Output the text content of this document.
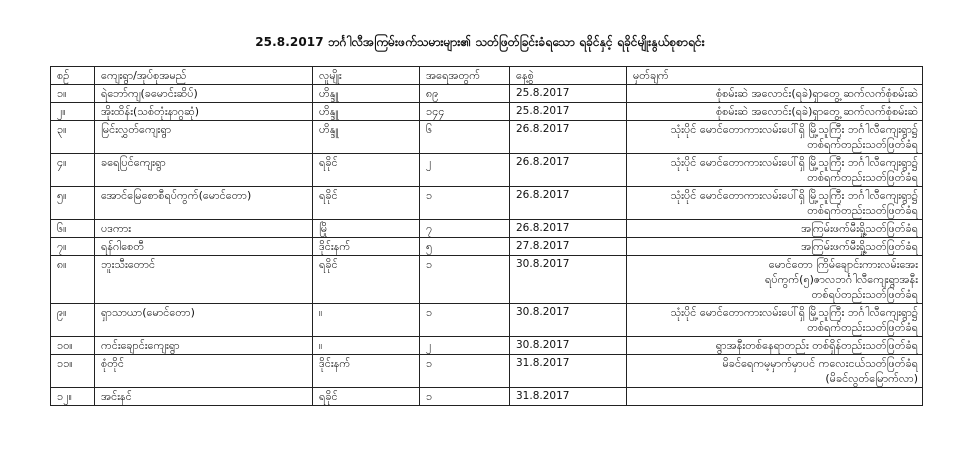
25.8.2017 ဘင်္ဂါလီအကြမ်းဖက်သမားများ၏ သတ်ဖြတ်ခြင်းခံရသော ရခိုင်နှင့် ရခိုင်မျိုးနွယ်စုစာရင်း
စဉ်	ကျေးရွာ/အုပ်စုအမည်	လူမျိုး	အရေအတွက်	နေ့စွဲ	မှတ်ချက်
၁။	ရဲဘော်ကျ(ခမောင်းဆိပ်)	ဟိန္ဒူ	၈၉	25.8.2017	စုံစမ်းဆဲ အလောင်း(ရခဲ)ရှာတွေ့ ဆက်လက်စုံစမ်းဆဲ

၂။	အိုးထိန်း(သစ်တုံးနာဂွဆုံ)	ဟိန္ဒူ	၁၄၄	25.8.2017	စုံစမ်းဆဲ အလောင်း(ရခဲ)ရှာတွေ့ ဆက်လက်စုံစမ်းဆဲ

၃။	မြင်းလွှတ်ကျေးရွာ	ဟိန္ဒူ	၆	26.8.2017	သုံးပိုင် မောင်တောကားလမ်းပေါ်ရှိ မြို့သူကြီး ဘင်္ဂါလီကျေးရွာ၌
တစ်ရက်တည်းသတ်ဖြတ်ခံရ

၄။	ခရေပြင်ကျေးရွာ	ရခိုင်	၂	26.8.2017	သုံးပိုင် မောင်တောကားလမ်းပေါ်ရှိ မြို့သူကြီး ဘင်္ဂါလီကျေးရွာ၌
တစ်ရက်တည်းသတ်ဖြတ်ခံရ

၅။	အောင်မြေစောစီရပ်ကွက်(မောင်တော)	ရခိုင်	၁	26.8.2017	သုံးပိုင် မောင်တောကားလမ်းပေါ်ရှိ မြို့သူကြီး ဘင်္ဂါလီကျေးရွာ၌
တစ်ရက်တည်းသတ်ဖြတ်ခံရ

၆။	ပဒကား	မြို	၇	26.8.2017	အကြမ်းဖက်မီးရှို့သတ်ဖြတ်ခံရ

၇။	ရန်ဂါစေတီ	ဒိုင်းနက်	၅	27.8.2017	အကြမ်းဖက်မီးရှို့သတ်ဖြတ်ခံရ

၈။	ဘူးသီးတောင်	ရခိုင်	၁	30.8.2017	မောင်တော ကြိမ်ချောင်းကားလမ်းအေး
ရပ်ကွက်(၅)ဇာလဘင်္ဂါလီကျေးရွာအနီး
တစ်ရပ်တည်းသတ်ဖြတ်ခံရ

၉။	ရှာသာယာ(မောင်တော)	။	၁	30.8.2017	သုံးပိုင် မောင်တောကားလမ်းပေါ်ရှိ မြို့သူကြီး ဘင်္ဂါလီကျေးရွာ၌
တစ်ရက်တည်းသတ်ဖြတ်ခံရ

၁၀။	ကင်းချောင်းကျေးရွာ	။	၂	30.8.2017	ရွာအနီးတစ်နေရာတည်း တစ်ရှိန်တည်းသတ်ဖြတ်ခံရ

၁၁။	စုံတိုင်	ဒိုင်းနက်	၁	31.8.2017	မိခင်ရေကမ့မှာက်မှာပင် ကလေးငယ်သတ်ဖြတ်ခံရ
(မိခင်လွတ်မြောက်လာ)

၁၂။	အင်းနင်	ရခိုင်	၁	31.8.2017	
